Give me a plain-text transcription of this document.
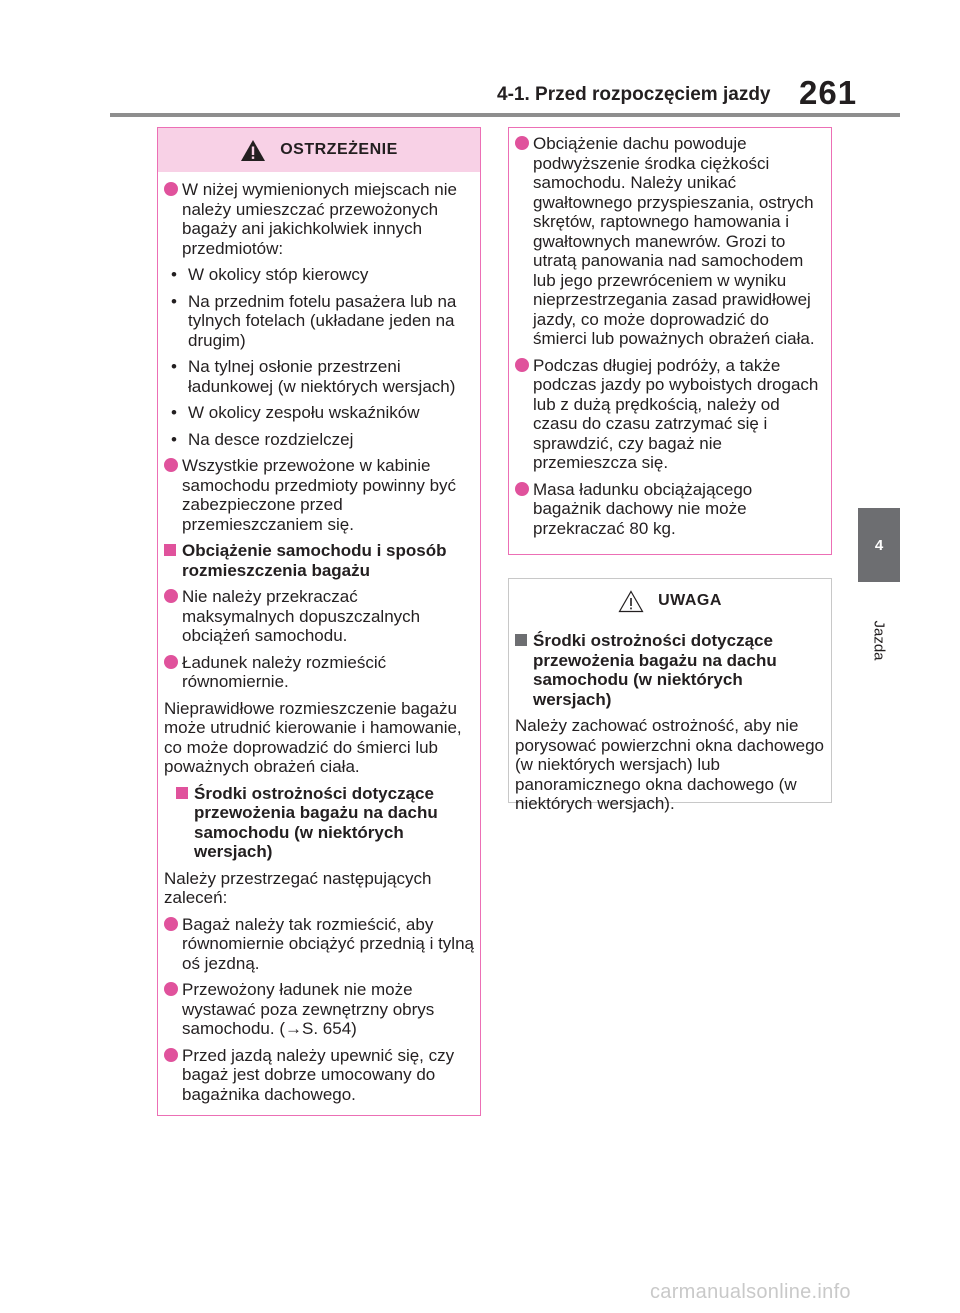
4-1. Przed rozpoczęciem jazdy 261
4
Jazda
OSTRZEŻENIE
W niżej wymienionych miejscach nie należy umieszczać przewożonych bagaży ani jakichkolwiek innych przedmiotów:
• W okolicy stóp kierowcy
• Na przednim fotelu pasażera lub na tylnych fotelach (układane jeden na drugim)
• Na tylnej osłonie przestrzeni ładunkowej (w niektórych wersjach)
• W okolicy zespołu wskaźników
• Na desce rozdzielczej
Wszystkie przewożone w kabinie samochodu przedmioty powinny być zabezpieczone przed przemieszczaniem się.
Obciążenie samochodu i sposób rozmieszczenia bagażu
Nie należy przekraczać maksymalnych dopuszczalnych obciążeń samochodu.
Ładunek należy rozmieścić równomiernie.

Nieprawidłowe rozmieszczenie bagażu może utrudnić kierowanie i hamowanie, co może doprowadzić do śmierci lub poważnych obrażeń ciała.

Środki ostrożności dotyczące przewożenia bagażu na dachu samochodu (w niektórych wersjach)

Należy przestrzegać następujących zaleceń:

Bagaż należy tak rozmieścić, aby równomiernie obciążyć przednią i tylną oś jezdną.
Przewożony ładunek nie może wystawać poza zewnętrzny obrys samochodu. (→S. 654)
Przed jazdą należy upewnić się, czy bagaż jest dobrze umocowany do bagażnika dachowego.
Obciążenie dachu powoduje podwyższenie środka ciężkości samochodu. Należy unikać gwałtownego przyspieszania, ostrych skrętów, raptownego hamowania i gwałtownych manewrów. Grozi to utratą panowania nad samochodem lub jego przewróceniem w wyniku nieprzestrzegania zasad prawidłowej jazdy, co może doprowadzić do śmierci lub poważnych obrażeń ciała.
Podczas długiej podróży, a także podczas jazdy po wyboistych drogach lub z dużą prędkością, należy od czasu do czasu zatrzymać się i sprawdzić, czy bagaż nie przemieszcza się.
Masa ładunku obciążającego bagażnik dachowy nie może przekraczać 80 kg.
UWAGA
Środki ostrożności dotyczące przewożenia bagażu na dachu samochodu (w niektórych wersjach)

Należy zachować ostrożność, aby nie porysować powierzchni okna dachowego (w niektórych wersjach) lub panoramicznego okna dachowego (w niektórych wersjach).

carmanualsonline.info
